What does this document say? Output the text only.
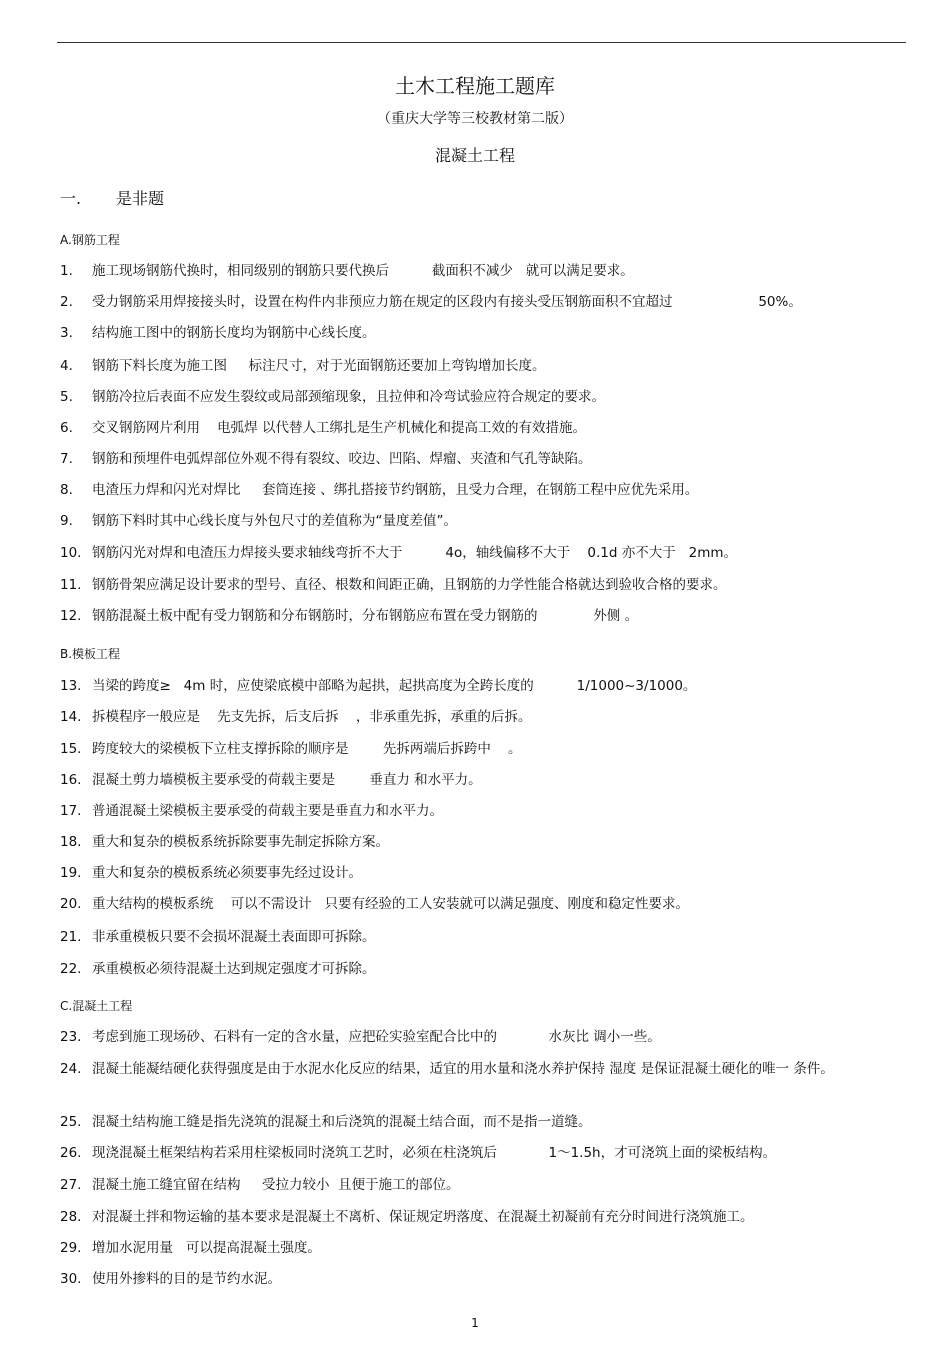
土木工程施工题库
（重庆大学等三校教材第二版）
混凝土工程
一. 是非题
A.钢筋工程
1.	施工现场钢筋代换时，相同级别的钢筋只要代换后          截面积不减少   就可以满足要求。
2.	受力钢筋采用焊接接头时，设置在构件内非预应力筋在规定的区段内有接头受压钢筋面积不宜超过                    50%。
3.	结构施工图中的钢筋长度均为钢筋中心线长度。
4.	钢筋下料长度为施工图     标注尺寸，对于光面钢筋还要加上弯钩增加长度。
5.	钢筋冷拉后表面不应发生裂纹或局部颈缩现象，且拉伸和冷弯试验应符合规定的要求。
6.	交叉钢筋网片利用    电弧焊 以代替人工绑扎是生产机械化和提高工效的有效措施。
7.	钢筋和预埋件电弧焊部位外观不得有裂纹、咬边、凹陷、焊瘤、夹渣和气孔等缺陷。
8.	电渣压力焊和闪光对焊比     套筒连接 、绑扎搭接节约钢筋，且受力合理，在钢筋工程中应优先采用。
9.	钢筋下料时其中心线长度与外包尺寸的差值称为“量度差值”。
10. 钢筋闪光对焊和电渣压力焊接头要求轴线弯折不大于          4o，轴线偏移不大于    0.1d 亦不大于   2mm。
11. 钢筋骨架应满足设计要求的型号、直径、根数和间距正确，且钢筋的力学性能合格就达到验收合格的要求。
12. 钢筋混凝土板中配有受力钢筋和分布钢筋时，分布钢筋应布置在受力钢筋的             外侧 。
B.模板工程
13. 当梁的跨度≥   4m 时，应使梁底模中部略为起拱，起拱高度为全跨长度的          1/1000~3/1000。
14. 拆模程序一般应是    先支先拆，后支后拆    ，非承重先拆，承重的后拆。
15. 跨度较大的梁模板下立柱支撑拆除的顺序是        先拆两端后拆跨中    。
16. 混凝土剪力墙模板主要承受的荷载主要是        垂直力 和水平力。
17. 普通混凝土梁模板主要承受的荷载主要是垂直力和水平力。
18. 重大和复杂的模板系统拆除要事先制定拆除方案。
19. 重大和复杂的模板系统必须要事先经过设计。
20. 重大结构的模板系统    可以不需设计   只要有经验的工人安装就可以满足强度、刚度和稳定性要求。
21. 非承重模板只要不会损坏混凝土表面即可拆除。
22. 承重模板必须待混凝土达到规定强度才可拆除。
C.混凝土工程
23. 考虑到施工现场砂、石料有一定的含水量，应把砼实验室配合比中的            水灰比 调小一些。
24. 混凝土能凝结硬化获得强度是由于水泥水化反应的结果，适宜的用水量和浇水养护保持 湿度 是保证混凝土硬化的唯一 条件。
25. 混凝土结构施工缝是指先浇筑的混凝土和后浇筑的混凝土结合面，而不是指一道缝。
26. 现浇混凝土框架结构若采用柱梁板同时浇筑工艺时，必须在柱浇筑后            1～1.5h，才可浇筑上面的梁板结构。
27. 混凝土施工缝宜留在结构     受拉力较小  且便于施工的部位。
28. 对混凝土拌和物运输的基本要求是混凝土不离析、保证规定坍落度、在混凝土初凝前有充分时间进行浇筑施工。
29. 增加水泥用量   可以提高混凝土强度。
30. 使用外掺料的目的是节约水泥。
1
